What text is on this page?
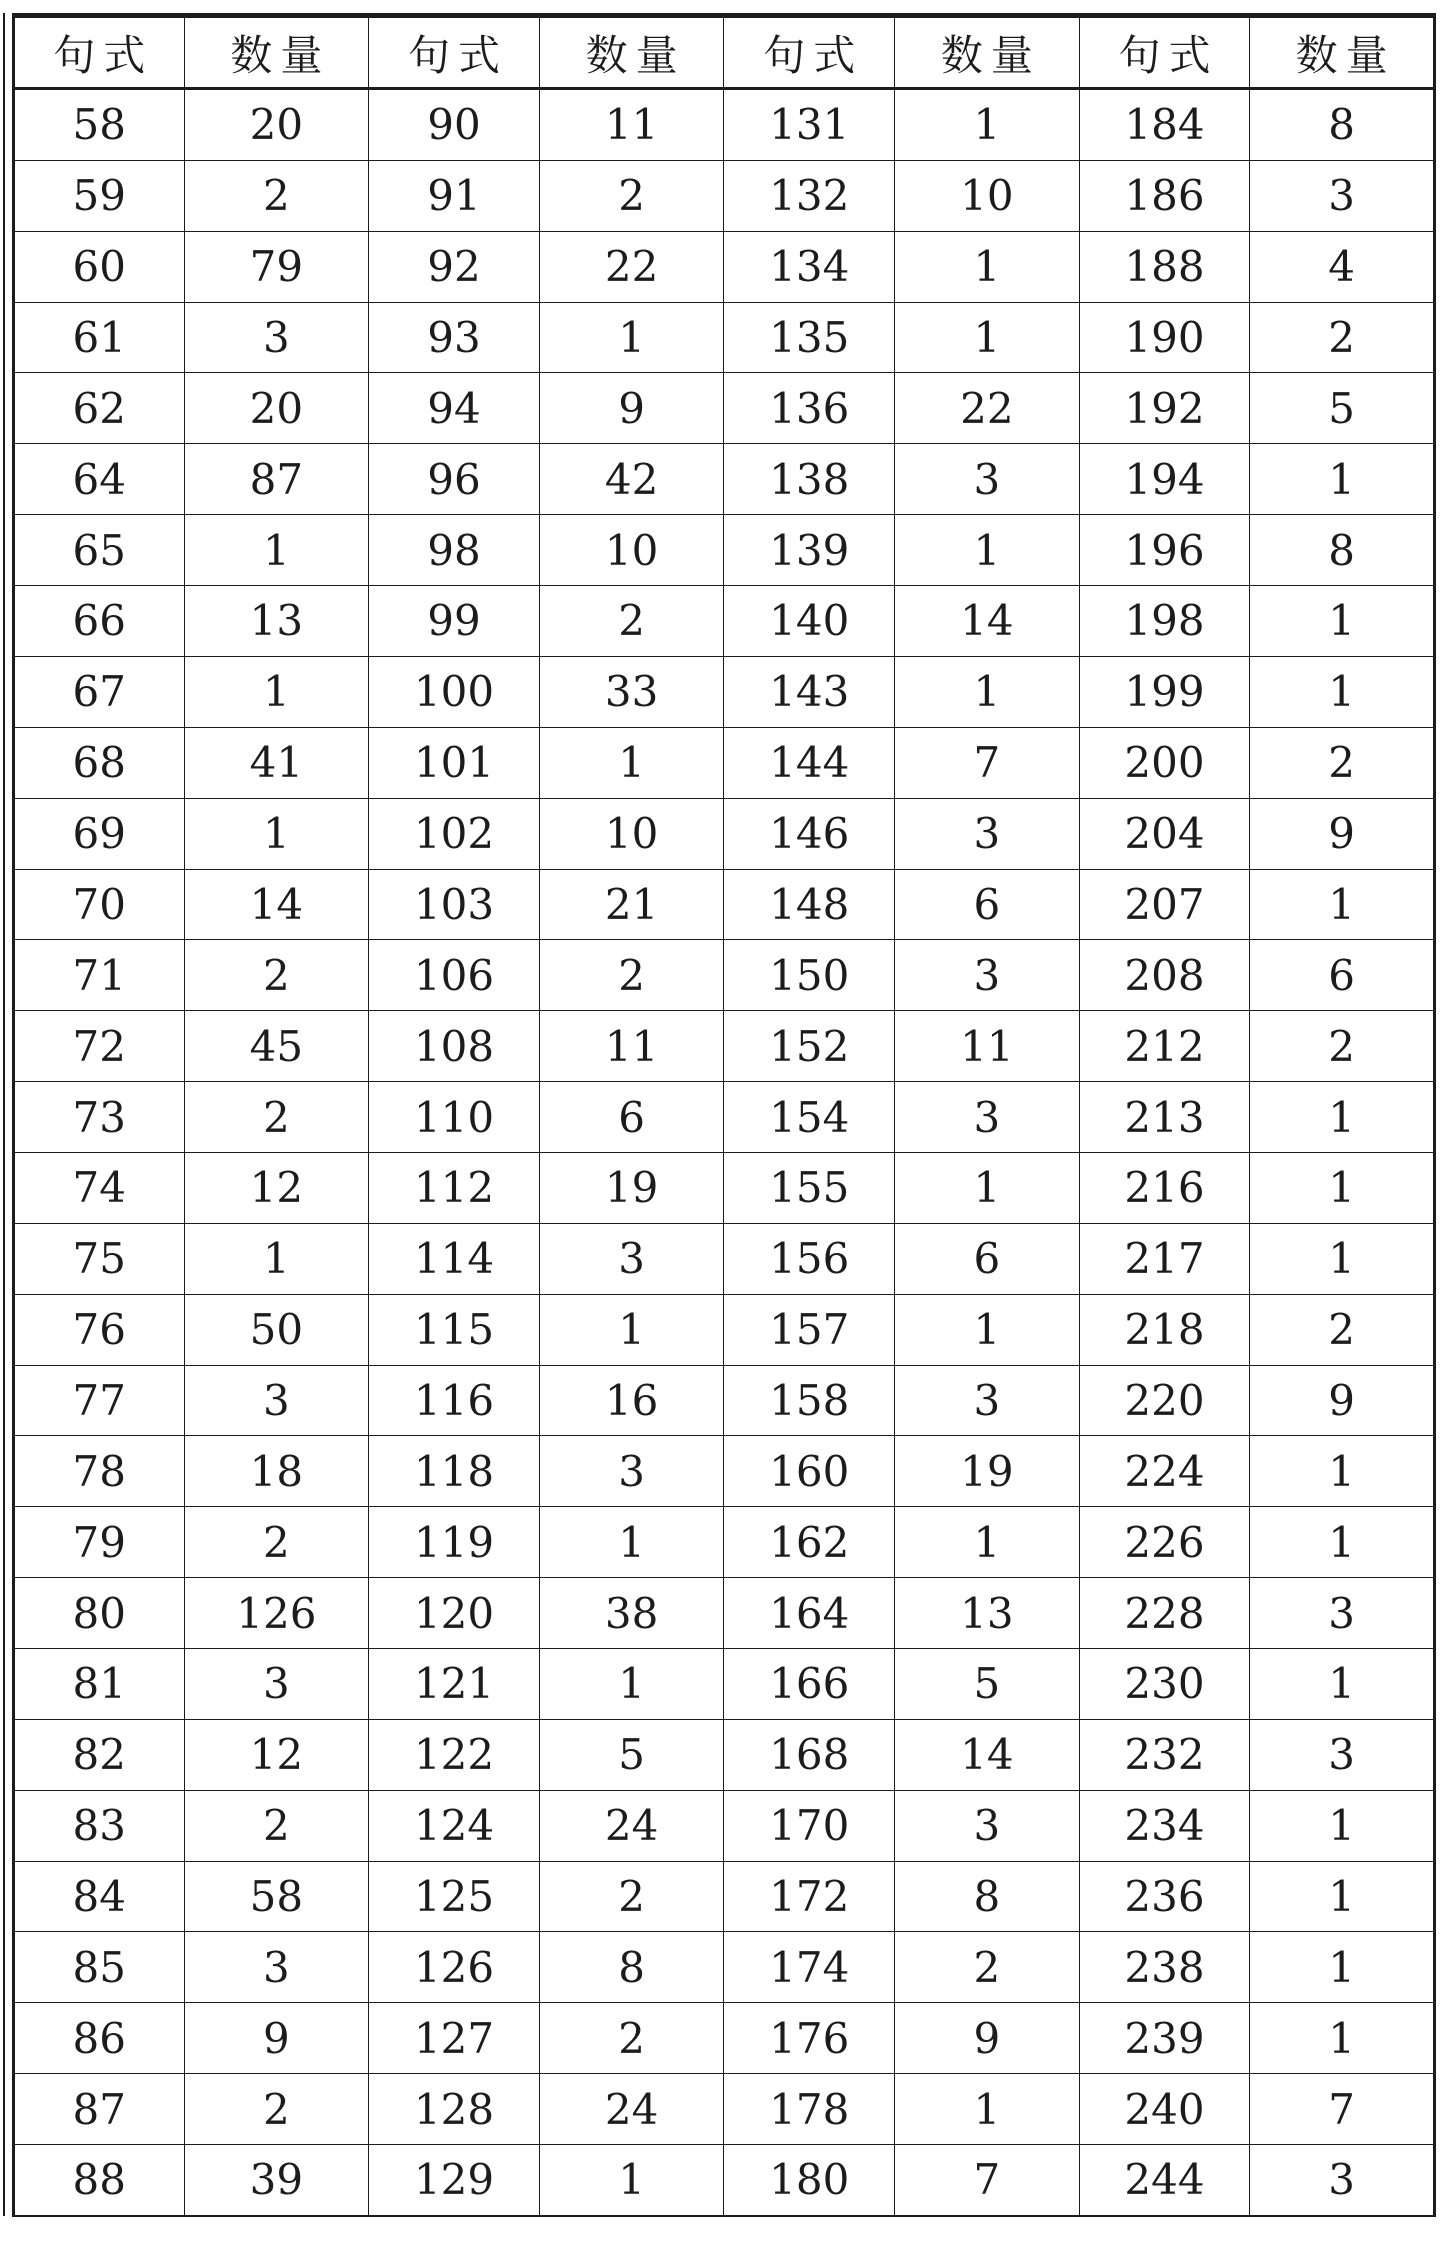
句式	数量	句式	数量	句式	数量	句式	数量
58	20	90	11	131	1	184	8
59	2	91	2	132	10	186	3
60	79	92	22	134	1	188	4
61	3	93	1	135	1	190	2
62	20	94	9	136	22	192	5
64	87	96	42	138	3	194	1
65	1	98	10	139	1	196	8
66	13	99	2	140	14	198	1
67	1	100	33	143	1	199	1
68	41	101	1	144	7	200	2
69	1	102	10	146	3	204	9
70	14	103	21	148	6	207	1
71	2	106	2	150	3	208	6
72	45	108	11	152	11	212	2
73	2	110	6	154	3	213	1
74	12	112	19	155	1	216	1
75	1	114	3	156	6	217	1
76	50	115	1	157	1	218	2
77	3	116	16	158	3	220	9
78	18	118	3	160	19	224	1
79	2	119	1	162	1	226	1
80	126	120	38	164	13	228	3
81	3	121	1	166	5	230	1
82	12	122	5	168	14	232	3
83	2	124	24	170	3	234	1
84	58	125	2	172	8	236	1
85	3	126	8	174	2	238	1
86	9	127	2	176	9	239	1
87	2	128	24	178	1	240	7
88	39	129	1	180	7	244	3
